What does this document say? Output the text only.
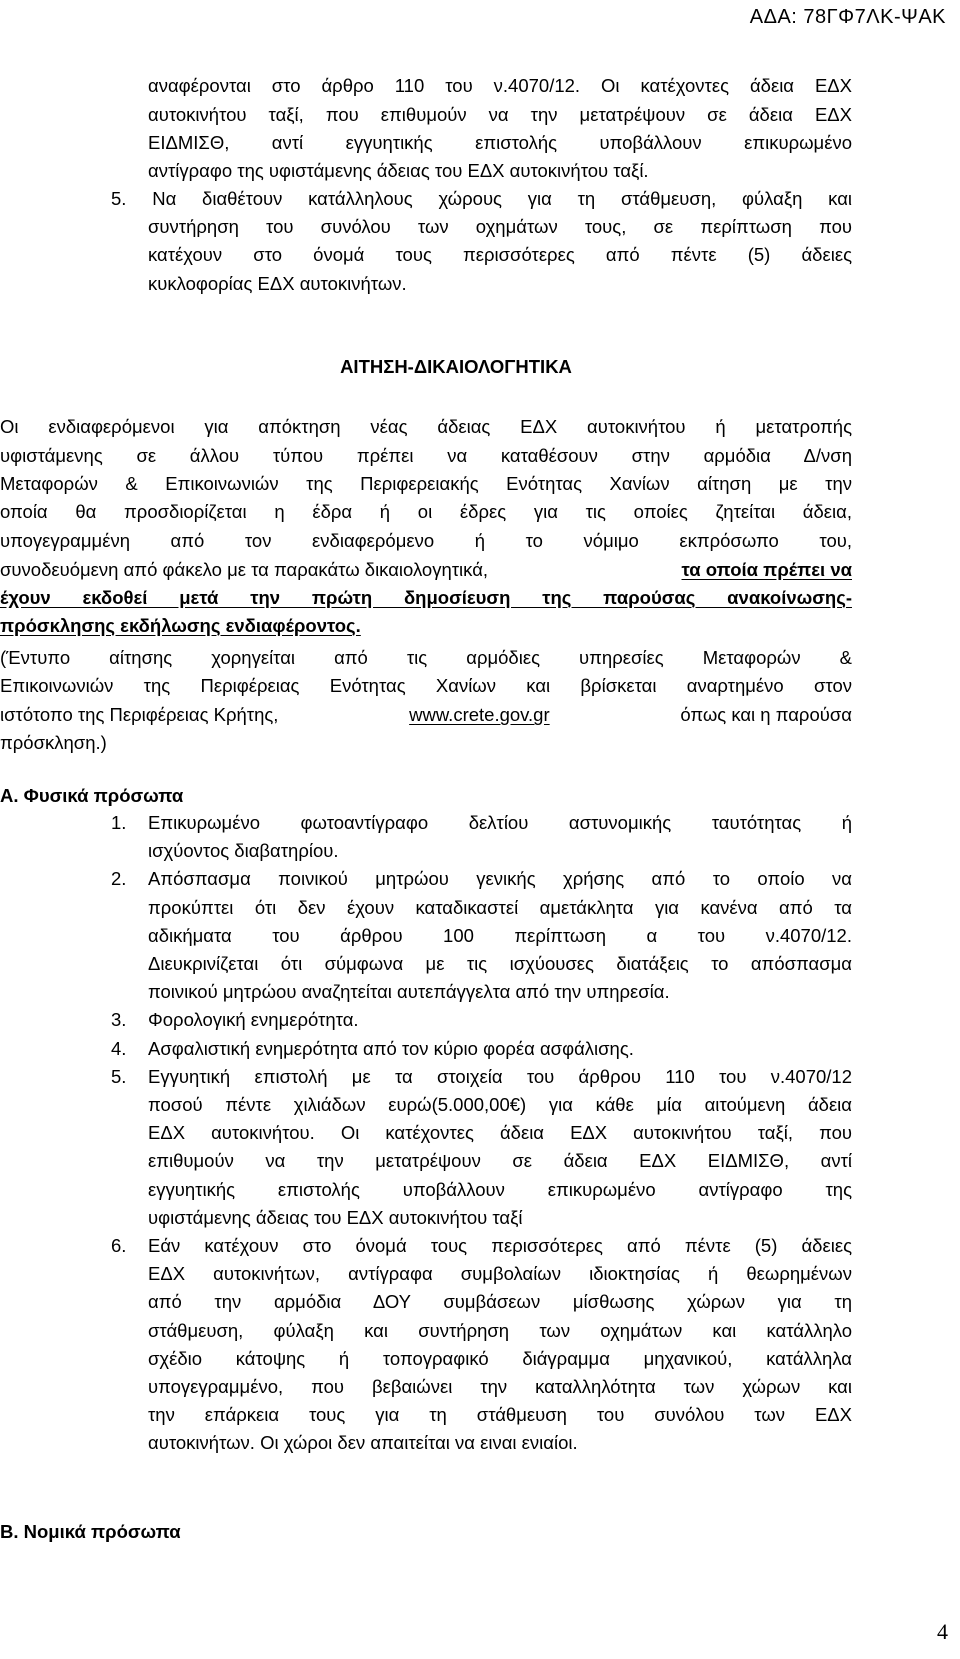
ΑΔΑ: 78ΓΦ7ΛΚ-ΨΑΚ
αναφέρονται στο άρθρο 110 του ν.4070/12. Οι κατέχοντες άδεια ΕΔΧ
αυτοκινήτου ταξί, που επιθυμούν να την μετατρέψουν σε άδεια ΕΔΧ
ΕΙΔΜΙΣΘ, αντί εγγυητικής επιστολής υποβάλλουν επικυρωμένο
αντίγραφο της υφιστάμενης άδειας του ΕΔΧ αυτοκινήτου ταξί.
5. Να διαθέτουν κατάλληλους χώρους για τη στάθμευση, φύλαξη και
συντήρηση του συνόλου των οχημάτων τους, σε περίπτωση που
κατέχουν στο όνομά τους περισσότερες από πέντε (5) άδειες
κυκλοφορίας ΕΔΧ αυτοκινήτων.
ΑΙΤΗΣΗ-ΔΙΚΑΙΟΛΟΓΗΤΙΚΑ
Οι ενδιαφερόμενοι για απόκτηση νέας άδειας ΕΔΧ αυτοκινήτου ή μετατροπής
υφιστάμενης σε άλλου τύπου πρέπει να καταθέσουν στην αρμόδια Δ/νση
Μεταφορών & Επικοινωνιών της Περιφερειακής Ενότητας Χανίων αίτηση με την
οποία θα προσδιορίζεται η έδρα ή οι έδρες για τις οποίες ζητείται άδεια,
υπογεγραμμένη από τον ενδιαφερόμενο ή το νόμιμο εκπρόσωπο του,
συνοδευόμενη από φάκελο με τα παρακάτω δικαιολογητικά,	τα οποία πρέπει να
έχουν εκδοθεί μετά την πρώτη δημοσίευση της παρούσας ανακοίνωσης-
πρόσκλησης εκδήλωσης ενδιαφέροντος.
(Έντυπο αίτησης χορηγείται από τις αρμόδιες υπηρεσίες Μεταφορών &
Επικοινωνιών της Περιφέρειας Ενότητας Χανίων και βρίσκεται αναρτημένο στον
ιστότοπο της Περιφέρειας Κρήτης,	www.crete.gov.gr	όπως και η παρούσα
πρόσκληση.)
Α. Φυσικά πρόσωπα
1. Επικυρωμένο φωτοαντίγραφο δελτίου αστυνομικής ταυτότητας ή
ισχύοντος διαβατηρίου.
2. Απόσπασμα ποινικού μητρώου γενικής χρήσης από το οποίο να
προκύπτει ότι δεν έχουν καταδικαστεί αμετάκλητα για κανένα από τα
αδικήματα του άρθρου 100 περίπτωση α του ν.4070/12.
Διευκρινίζεται ότι σύμφωνα με τις ισχύουσες διατάξεις το απόσπασμα
ποινικού μητρώου αναζητείται αυτεπάγγελτα από την υπηρεσία.
3. Φορολογική ενημερότητα.
4. Ασφαλιστική ενημερότητα από τον κύριο φορέα ασφάλισης.
5. Εγγυητική επιστολή με τα στοιχεία του άρθρου 110 του ν.4070/12
ποσού πέντε χιλιάδων ευρώ(5.000,00€) για κάθε μία αιτούμενη άδεια
ΕΔΧ αυτοκινήτου. Οι κατέχοντες άδεια ΕΔΧ αυτοκινήτου ταξί, που
επιθυμούν να την μετατρέψουν σε άδεια ΕΔΧ ΕΙΔΜΙΣΘ, αντί
εγγυητικής επιστολής υποβάλλουν επικυρωμένο αντίγραφο της
υφιστάμενης άδειας του ΕΔΧ αυτοκινήτου ταξί
6. Εάν κατέχουν στο όνομά τους περισσότερες από πέντε (5) άδειες
ΕΔΧ αυτοκινήτων, αντίγραφα συμβολαίων ιδιοκτησίας ή θεωρημένων
από την αρμόδια ΔΟΥ συμβάσεων μίσθωσης χώρων για τη
στάθμευση, φύλαξη και συντήρηση των οχημάτων και κατάλληλο
σχέδιο κάτοψης ή τοπογραφικό διάγραμμα μηχανικού, κατάλληλα
υπογεγραμμένο, που βεβαιώνει την καταλληλότητα των χώρων και
την επάρκεια τους για τη στάθμευση του συνόλου των ΕΔΧ
αυτοκινήτων. Οι χώροι δεν απαιτείται να ειναι ενιαίοι.
Β. Νομικά πρόσωπα
4
